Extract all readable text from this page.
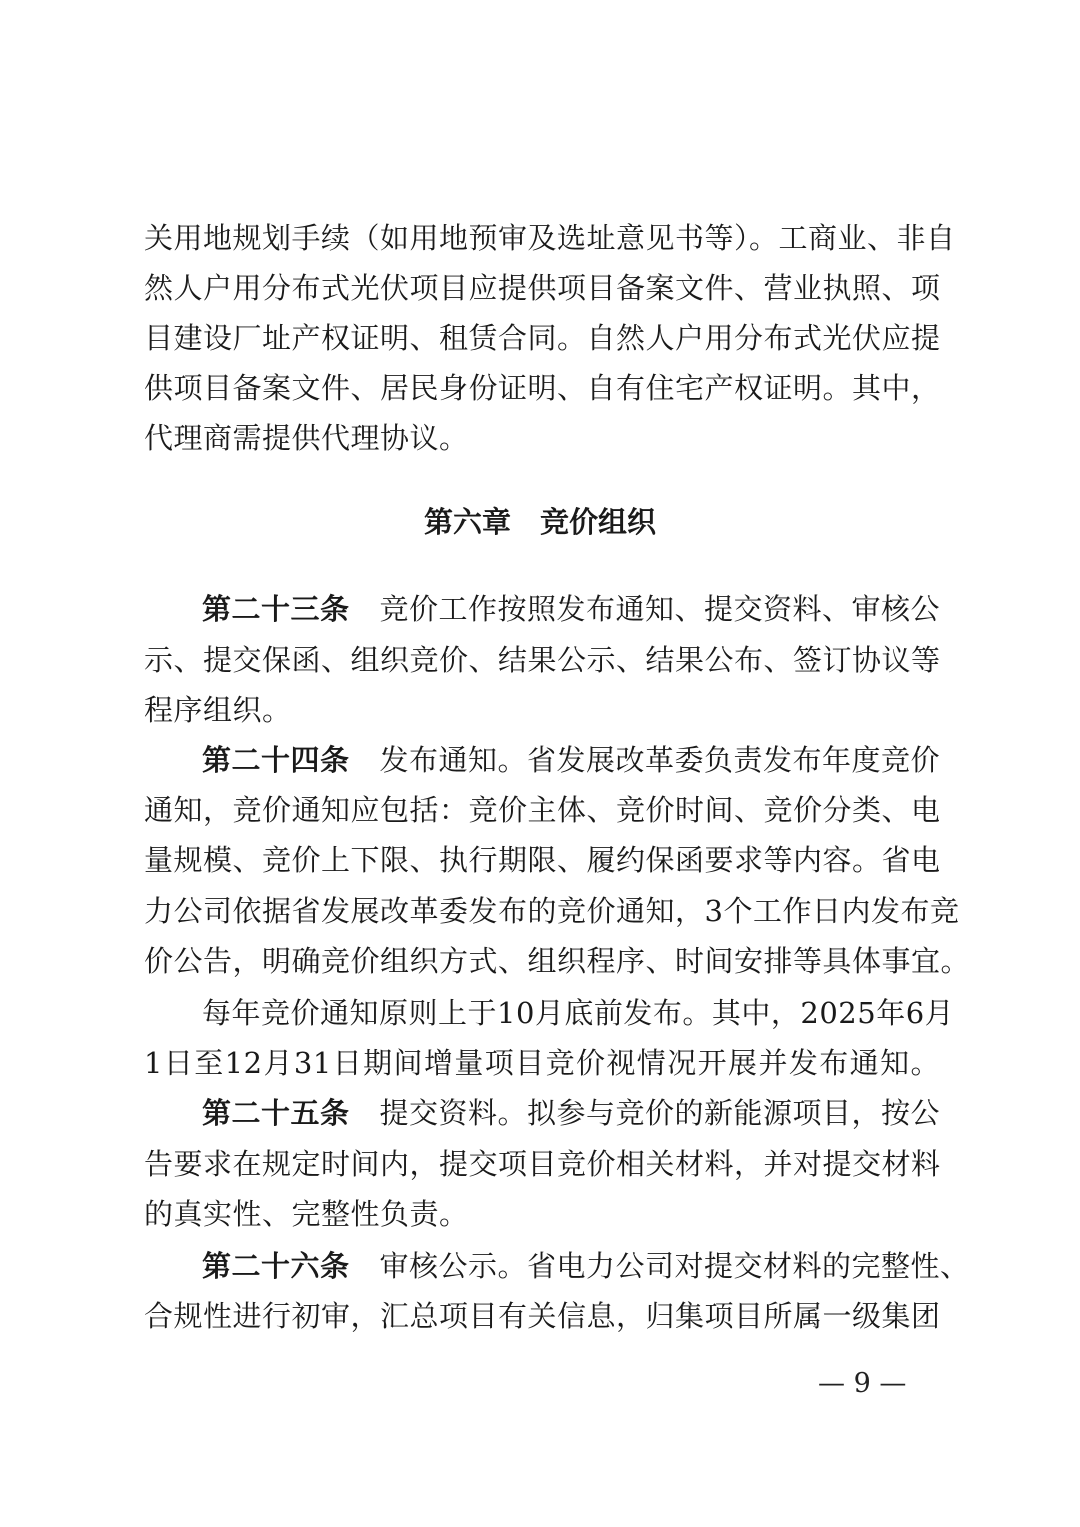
关用地规划手续（如用地预审及选址意见书等）。工商业、非自
然人户用分布式光伏项目应提供项目备案文件、营业执照、项
目建设厂址产权证明、租赁合同。自然人户用分布式光伏应提
供项目备案文件、居民身份证明、自有住宅产权证明。其中，
代理商需提供代理协议。
第六章　竞价组织
第二十三条 竞价工作按照发布通知、提交资料、审核公
示、提交保函、组织竞价、结果公示、结果公布、签订协议等
程序组织。
第二十四条 发布通知。省发展改革委负责发布年度竞价
通知，竞价通知应包括：竞价主体、竞价时间、竞价分类、电
量规模、竞价上下限、执行期限、履约保函要求等内容。省电
力公司依据省发展改革委发布的竞价通知，3个工作日内发布竞
价公告，明确竞价组织方式、组织程序、时间安排等具体事宜。
每年竞价通知原则上于10月底前发布。其中，2025年6月
1日至12月31日期间增量项目竞价视情况开展并发布通知。
第二十五条 提交资料。拟参与竞价的新能源项目，按公
告要求在规定时间内，提交项目竞价相关材料，并对提交材料
的真实性、完整性负责。
第二十六条 审核公示。省电力公司对提交材料的完整性、
合规性进行初审，汇总项目有关信息，归集项目所属一级集团
— 9 —
